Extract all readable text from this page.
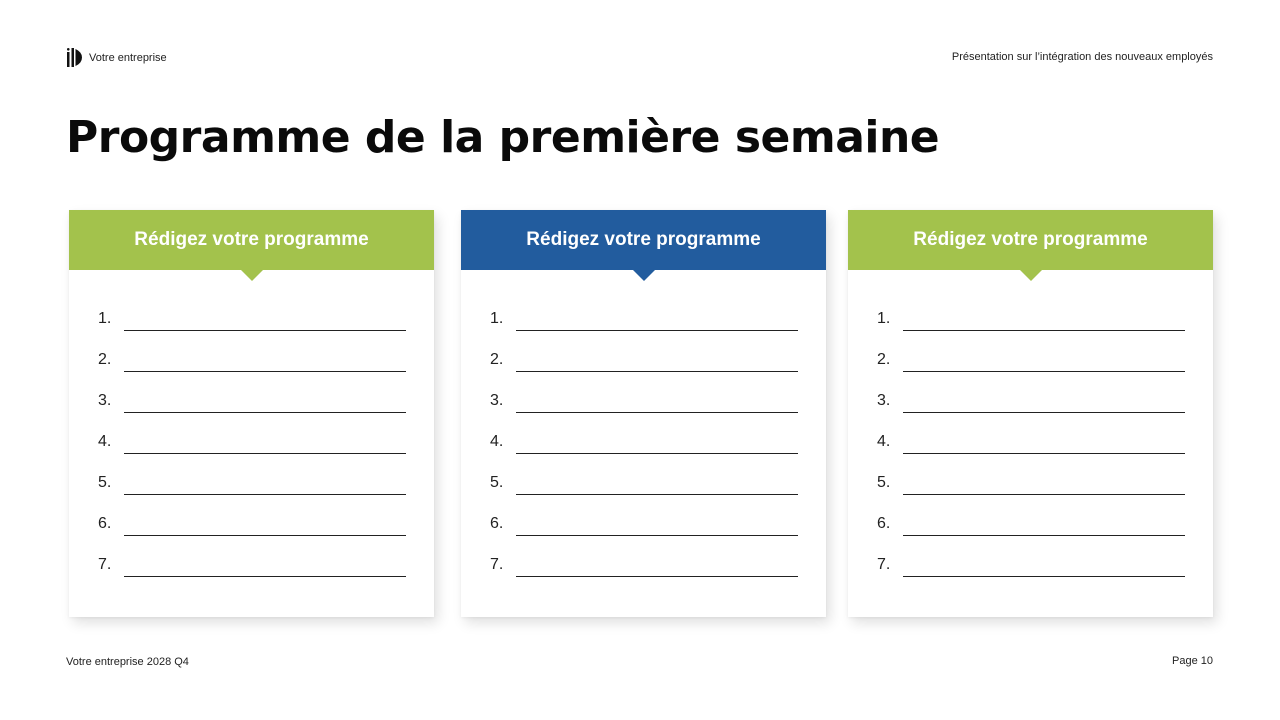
Votre entreprise	Présentation sur l’intégration des nouveaux employés
Programme de la première semaine
Rédigez votre programme
1.
2.
3.
4.
5.
6.
7.
Rédigez votre programme
1.
2.
3.
4.
5.
6.
7.
Rédigez votre programme
1.
2.
3.
4.
5.
6.
7.
Votre entreprise 2028 Q4	Page 10
